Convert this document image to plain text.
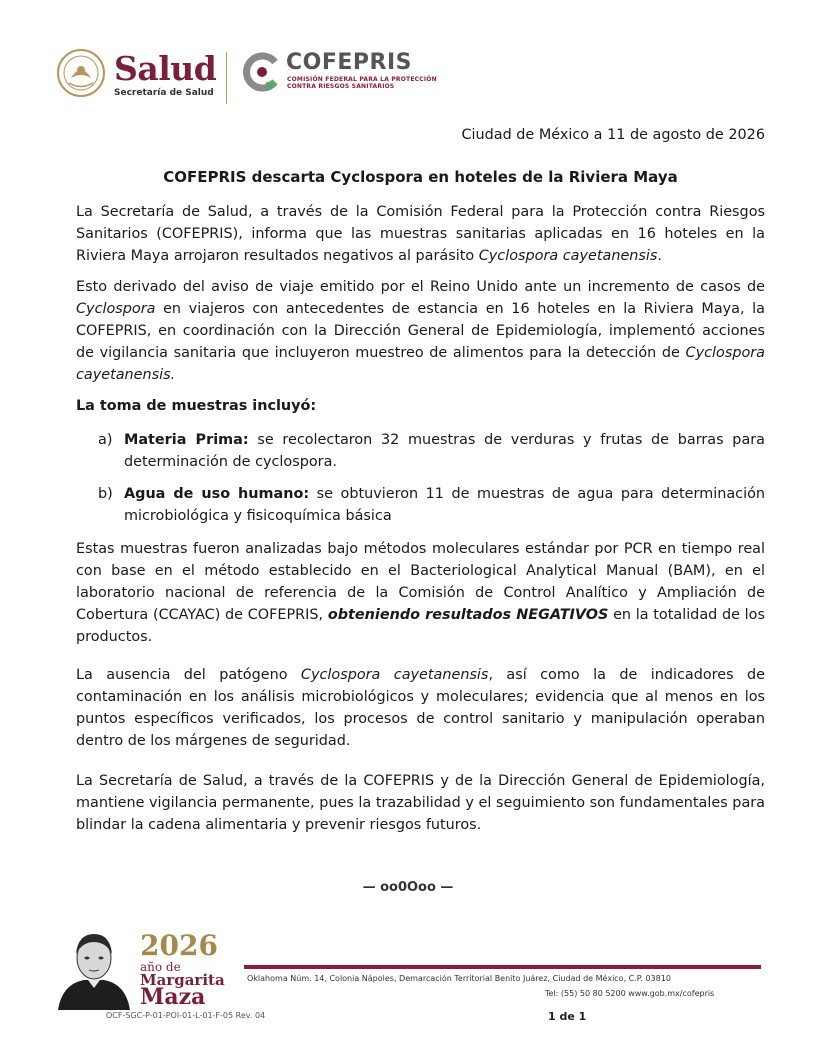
Salud
Secretaría de Salud
COFEPRIS
COMISIÓN FEDERAL PARA LA PROTECCIÓN
CONTRA RIESGOS SANITARIOS
Ciudad de México a 11 de agosto de 2026
COFEPRIS descarta Cyclospora en hoteles de la Riviera Maya
La Secretaría de Salud, a través de la Comisión Federal para la Protección contra Riesgos Sanitarios (COFEPRIS), informa que las muestras sanitarias aplicadas en 16 hoteles en la Riviera Maya arrojaron resultados negativos al parásito Cyclospora cayetanensis.
Esto derivado del aviso de viaje emitido por el Reino Unido ante un incremento de casos de Cyclospora en viajeros con antecedentes de estancia en 16 hoteles en la Riviera Maya, la COFEPRIS, en coordinación con la Dirección General de Epidemiología, implementó acciones de vigilancia sanitaria que incluyeron muestreo de alimentos para la detección de Cyclospora cayetanensis.
La toma de muestras incluyó:
a) Materia Prima: se recolectaron 32 muestras de verduras y frutas de barras para determinación de cyclospora.
b) Agua de uso humano: se obtuvieron 11 de muestras de agua para determinación microbiológica y fisicoquímica básica
Estas muestras fueron analizadas bajo métodos moleculares estándar por PCR en tiempo real con base en el método establecido en el Bacteriological Analytical Manual (BAM), en el laboratorio nacional de referencia de la Comisión de Control Analítico y Ampliación de Cobertura (CCAYAC) de COFEPRIS, obteniendo resultados NEGATIVOS en la totalidad de los productos.
La ausencia del patógeno Cyclospora cayetanensis, así como la de indicadores de contaminación en los análisis microbiológicos y moleculares; evidencia que al menos en los puntos específicos verificados, los procesos de control sanitario y manipulación operaban dentro de los márgenes de seguridad.
La Secretaría de Salud, a través de la COFEPRIS y de la Dirección General de Epidemiología, mantiene vigilancia permanente, pues la trazabilidad y el seguimiento son fundamentales para blindar la cadena alimentaria y prevenir riesgos futuros.
— oo0Ooo —
2026
año de
Margarita
Maza
Oklahoma Núm. 14, Colonia Nápoles, Demarcación Territorial Benito Juárez, Ciudad de México, C.P. 03810
Tel: (55) 50 80 5200 www.gob.mx/cofepris
OCF-SGC-P-01-POI-01-L-01-F-05 Rev. 04	1 de 1
